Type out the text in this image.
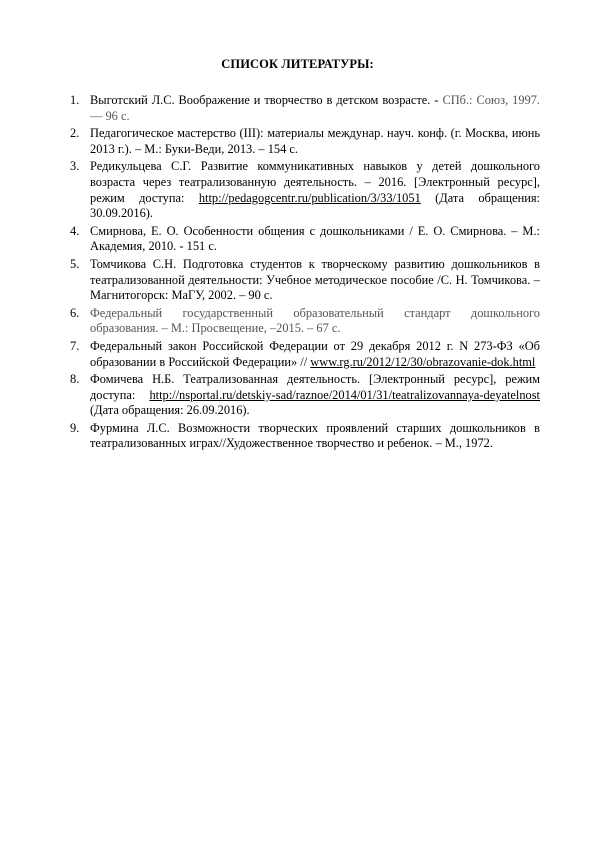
СПИСОК ЛИТЕРАТУРЫ:
1. Выготский Л.С. Воображение и творчество в детском возрасте. - СПб.: Союз, 1997. — 96 с.
2. Педагогическое мастерство (III): материалы междунар. науч. конф. (г. Москва, июнь 2013 г.). – М.: Буки-Веди, 2013. – 154 с.
3. Редикульцева С.Г. Развитие коммуникативных навыков у детей дошкольного возраста через театрализованную деятельность. – 2016. [Электронный ресурс], режим доступа: http://pedagogcentr.ru/publication/3/33/1051 (Дата обращения: 30.09.2016).
4. Смирнова, Е. О. Особенности общения с дошкольниками / Е. О. Смирнова. – М.: Академия, 2010. - 151 с.
5. Томчикова С.Н. Подготовка студентов к творческому развитию дошкольников в театрализованной деятельности: Учебное методическое пособие /С. Н. Томчикова. – Магнитогорск: МаГУ, 2002. – 90 с.
6. Федеральный государственный образовательный стандарт дошкольного образования. – М.: Просвещение, –2015. – 67 с.
7. Федеральный закон Российской Федерации от 29 декабря 2012 г. N 273-ФЗ «Об образовании в Российской Федерации» // www.rg.ru/2012/12/30/obrazovanie-dok.html
8. Фомичева Н.Б. Театрализованная деятельность. [Электронный ресурс], режим доступа: http://nsportal.ru/detskiy-sad/raznoe/2014/01/31/teatralizovannaya-deyatelnost (Дата обращения: 26.09.2016).
9. Фурмина Л.С. Возможности творческих проявлений старших дошкольников в театрализованных играх//Художественное творчество и ребенок. – М., 1972.
